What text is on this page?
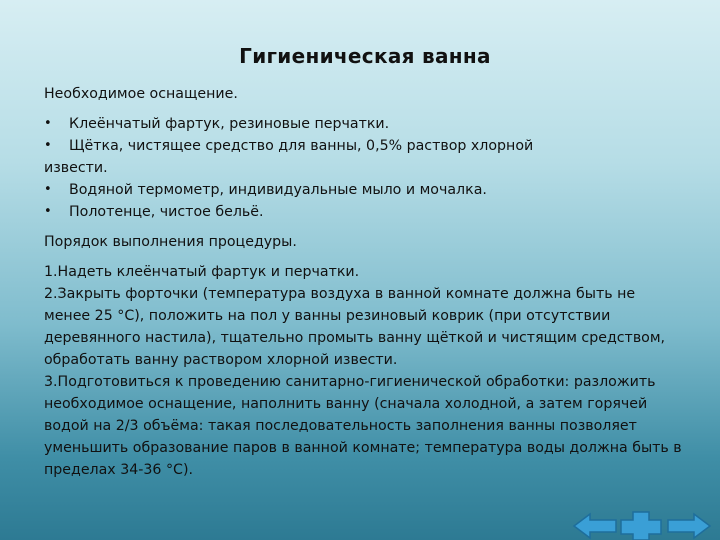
Гигиеническая ванна

Необходимое оснащение.

•	Клеёнчатый фартук, резиновые перчатки.
•	Щётка, чистящее средство для ванны, 0,5% раствор хлорной

извести.

•	Водяной термометр, индивидуальные мыло и мочалка.
•	Полотенце, чистое бельё.

Порядок выполнения процедуры.

1.Надеть клеёнчатый фартук и перчатки.

2.Закрыть форточки (температура воздуха в ванной комнате должна быть не менее 25 °С), положить на пол у ванны резиновый коврик (при отсутствии деревянного настила), тщательно промыть ванну щёткой и чистящим средством, обработать ванну раствором хлорной извести.

3.Подготовиться к проведению санитарно-гигиенической обработки: разложить необходимое оснащение, наполнить ванну (сначала холодной, а затем горячей водой на 2/3 объёма: такая последовательность заполнения ванны позволяет уменьшить образование паров в ванной комнате; температура воды должна быть в пределах 34-36 °С).
